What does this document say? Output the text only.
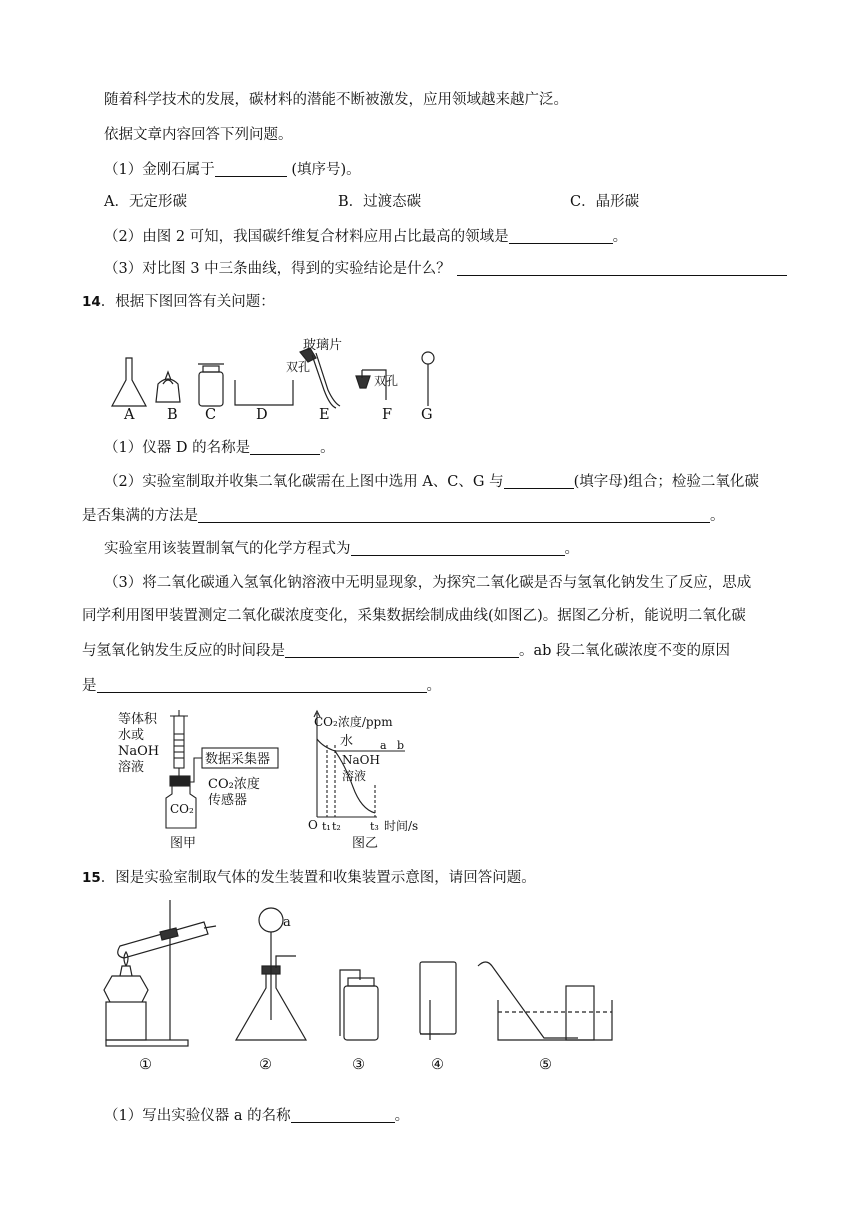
随着科学技术的发展，碳材料的潜能不断被激发，应用领域越来越广泛。
依据文章内容回答下列问题。
（1）金刚石属于	(填序号)。
A．无定形碳	B．过渡态碳	C．晶形碳
（2）由图 2 可知，我国碳纤维复合材料应用占比最高的领域是	。
（3）对比图 3 中三条曲线，得到的实验结论是什么？
14．根据下图回答有关问题：
玻璃片
双孔
双孔
A B C	D	E	F G
（1）仪器 D 的名称是	。
（2）实验室制取并收集二氧化碳需在上图中选用 A、C、G 与	(填字母)组合；检验二氧化碳
是否集满的方法是	。
实验室用该装置制氧气的化学方程式为	。
（3）将二氧化碳通入氢氧化钠溶液中无明显现象，为探究二氧化碳是否与氢氧化钠发生了反应，思成
同学利用图甲装置测定二氧化碳浓度变化，采集数据绘制成曲线(如图乙)。据图乙分析，能说明二氧化碳
与氢氧化钠发生反应的时间段是	。ab 段二氧化碳浓度不变的原因
是	。
等体积
水或
NaOH
溶液
数据采集器
CO₂浓度
传感器
CO₂
图甲
CO₂浓度/ppm
水 a b
NaOH
溶液
O t₁ t₂	t₃ 时间/s
图乙
15．图是实验室制取气体的发生装置和收集装置示意图，请回答问题。
a
①	②	③	④	⑤
（1）写出实验仪器 a 的名称	。
